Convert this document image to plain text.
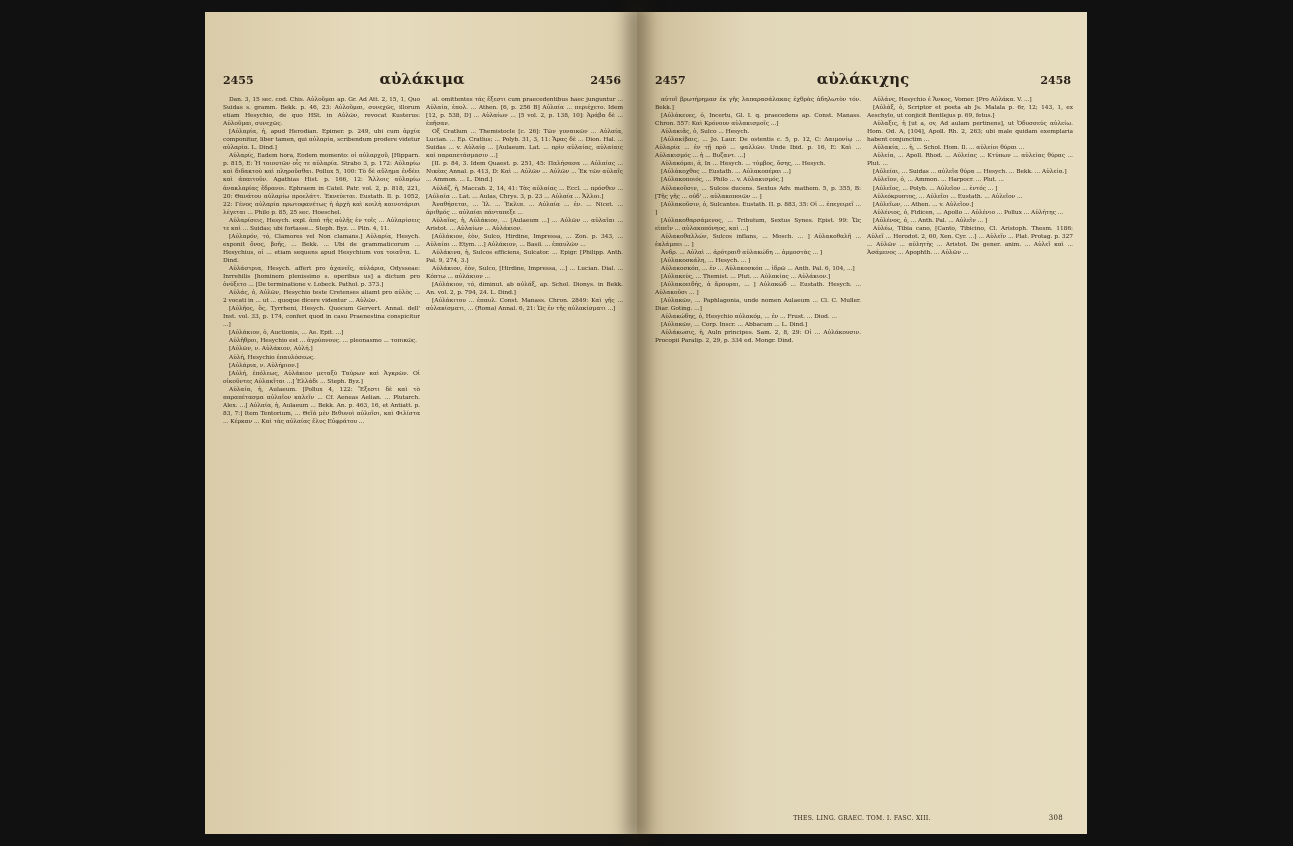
2455	αὐλάκιμα	2456

Dan. 3, 15 sec. cod. Chis. Αὐλοῦμαι ap. Gr. Ad Att. 2, 15, 1, Quo Suidas s. gramm. Bekk. p. 46, 23: Αὐλοῦμαι, συνεχῶς, illorum etiam Hesychio, de quo HSt. in Αὐλῶν, revocat Kusterus: Αὐλοῦμαι, συνεχῶς.

[Αὐλαρία, ἡ, apud Herodian. Epimer. p. 249, ubi cum ἀρχία componitur, liber tamen, qui αὐλαρία, scribendum prodere videtur αὐλαρία. L. Dind.]

Αὐλαρίς, Eadem hora, Eodem momento: οἱ αὐλαρχοῦ, [Hipparn. p. 815, E: Ἡ τοιουτῶν οἷς τε αὐλαρία. Strabo 3, p. 172: Αὐλαρίω καὶ διδακτοὺ καὶ πληροῦσθαι. Pollux 5, 100: Τὸ δὲ αὔλημα ἐνδέει καὶ ἀπαιτοῦν. Agathias Hist. p. 166, 12: Ἄλλοις αὐλαρίω ἀνακλαρίας ἔδρανοι. Ephraem in Catel. Patr. vol. 2, p. 818, 221, 20: Θανάτου αὐλαρίω προελάττ. Έκνεύεται. Eustath. Il. p. 1052, 22: Γένος αὐλαρία πρωτοφανέτως ἡ ἀρχὴ καὶ κοιλὴ καινοτάρισι λέγεται ... Philo p. 85, 25 sec. Hoeschel.

Αὐλαρίσεις, Hesych. expl. ἀπὸ τῆς αὐλῆς ἐν τοῖς ... Αὐλαρίσεις τε καὶ ... Suidas; ubi fortasse... Steph. Byz. ... Plin. 4, 11.

[Αὐλαρόν, τό, Clamores vel Non clamans.] Αὐλαρία, Hesych. exponit ὄνος, βοῆς, ... Bekk. ... Ubi de grammaticorum ... Hesychius, οἱ ... etiam sequens apud Hesychium vox τοιαῦτα. L. Dind.

Αὐλάστρια, Hesych. affert pro ἀχανεῖς, αὐλάρια, Odysseae: Inrrehilis [hominem plenissimo s. operibus us] a dictum pro ὀνύξετο ... [De terminatione v. Lobeck. Pathol. p. 373.]

Αὐλάς, ὁ, Αὐλῶν, Hesychio teste Cretenses aliamt pro αὐλὸς ... 2 vocati in ... ut ... quoque dicere videntur ... Αὐλῶν.

[Αὐλῆος, ὅς, Tyrrheni, Hesych. Quocum Gervert. Annal. dell' Inst. vol. 33, p. 174, conferi quod in casu Praenestina conspicitur ...]

[Αὐλάκιον, ὁ, Auctionis, ... Ae. Epit. ...]

Αὐλῆθροι, Hesychio est ... ἀγρύπνους. ... pleonasmo ... τοπικῶς.

[Αὐλῶν, ν. Αὐλάκιον, Αὐλή.]

Αὐλή, Hesychio ἐπαυλόσεως.

[Αὐλάρια, ν. Αὐλήριον.]

[Αὐλή, ἐπόλεως, Αὐλάκιον μεταξὺ Ταύρων καὶ Ἀγκρῶν. Oἱ οἰκοῦντες Αὐλακῖται ...] Ἑλλάδι ... Steph. Byz.]

Αὐλαία, ἡ, Aulaeum. [Pollux 4, 122: Ἔξεστι δὲ καὶ τὸ παραπέτασμα αὐλαῖον καλεῖν ... Cf. Aeneas Aelian. ... Plutarch. Alex. ...] Αὐλαία, ἡ, Aulaeum ... Bekk. An. p. 463, 16, et Antiatt. p. 83, 7:] Item Tentorium, ... Θεῖά μὲν Βιθυνοὶ αὐλοῖσι, καὶ Φιλίστα ... Κέρκαν ... Καὶ τὰς αὐλαίας ἔλυς Εὐφράτου ...

al. omittentes τάς ἔξεστι cum praecedentibus haec junguntur ... Αὐλαία, ἐπολ. ... Athen. [6, p. 256 B] Αὐλαία ... περιέχετο. Idem [12, p. 538, D] ... Αὐλαίων ... [5 vol. 2, p. 138, 10]: Ἀράβα δὲ ... ἐπῆσαν.

Οξ Cratlum ... Themistocle [c. 26]: Τῶν γυναικῶν ... Αὐλαία, Lucian. ... Ερ. Cratlus; ... Polyb. 31, 3, 11: Ἄρας δὲ ... Dion. Hal. ... Suidas ... v. Αὐλαίᾳ ... [Aulaeum. Lat. ... πρὶν αὐλαίας, αὐλαίαις καὶ παραπετάσμασιν ...]

[II. p. 84, 3. Idem Quaest. p. 251, 45: Παλήσασα ... Αὐλαίας ... Νικέας Annal. p. 413, D: Καὶ ... Αὐλῶν ... Αὐλῶν ... Ἐκ τῶν αὐλαῖς ... Ammon. ... L. Dind.]

Αὐλάζ, ἡ, Maccab. 2, 14, 41: Τὰς αὐλαίας ... Eccl. ... πρόσθεν ... [Αὐλαία ... Lat. ... Aulas, Chrys. 3, p. 23 ... Αὐλαία ... Ἄλλοι.]

Ἀναθήσεται, ... Ἰλ. ... Ἐκλιπ. ... Αὐλαία ... ἐν. ... Nicet. ... ἀριθμός ... αὐλαίαι πάνταπεξε ...

Αὐλαῖος, ἡ, Αὐλάκιον, ... [Aulaeum ...] ... Αὐλῶν ... αὐλαῖαι ... Aristot. ... Αὐλαίων ... Αὐλάκιον.

[Αὐλάκιον, ἐὸν, Sulco, Hirdine, Impressa, ... Zon. p. 343, ... Αὐλαίαι ... Etym. ...] Αὐλάκιον, ... Basil. ... ἐπαυλῶν ...

Αὐλάκινα, ἡ, Sulcos efficiens, Sulcator. ... Epigr. [Philipp. Anth. Pal. 9, 274, 3.]

Αὐλάκιον, ἐὸν, Sulco, [Hirdine, Impressa, ...] ... Lucian. Dial. ... Κόπτω ... αὐλάκιον ...

[Αὐλάκιον, τό, diminut. ab αὐλάξ, ap. Schol. Dionys. in Bekk. An. vol. 2, p. 794, 24. L. Dind.]

[Αὐλάκιτου ... ἐπαυλ. Const. Manass. Chron. 2849: Καὶ γῆς ... αὐλακίσματι, ... (Roma) Annal. 6, 21: Ὡς ἐν τῆς αὐλακίσματι ...]

2457	αὐλάκιχης	2458

αὐτοῖ βρωτήρημασ ἐκ γῆς λαπαρασάλακας ἐχθρὰς ἀδηλωτὸν τόν. Bekk.]

[Αὐλάκευες, ὁ, Incertu, Gl. I. q. praecedens ap. Const. Manass. Chron. 557: Καὶ Κρόνουν αὐλακισμοῖς ...]

Αὐλακιᾶς, ὁ, Sulco ... Hesych.

[Αὐλακίβαις, ... Jo. Laur. De ostentis c. 5, p. 12, C: Δαιμονίῳ ... Αὐλαρία ... ἐν τῇ πρὸ ... ψαλλῶν. Unde Ibid. p. 16, Ε: Καὶ ... Αὐλακισμός ... ἡ ... Βυζαντ. ...]

Αὐλακόμαι, ἀ, In ... Hesych. ... τύμβος, ὄσης, ... Hesych.

[Αὐλάκοχθος ... Eustath. ... Αὐλακοπέραι ...]

[Αὐλακοποιός, ... Philo ... v. Αὐλακισμός.]

Αὐλακοῦσιν, ... Sulcos ducens. Sextus Adv. mathem. 5, p. 355, Β: [Τῆς γῆς ... οὐδ' ... αὐλακοποιῶν ... ]

[Αὐλακοῦσιν, ὁ, Sulcantes. Eustath. II. p. 883, 35: Οἱ ... ἐπεγειρεῖ ... ]

[Αὐλακοθαρσάμενος, ... Tributum, Sextus Synes. Epist. 99: Ὥς εἰπεῖν ... αὐλακοπόνηος, καὶ ...]

Αὐλακοθαλλών, Sulcos inflans, ... Mosch. ... ] Αὐλακοθαλῆ ... ἐκλάμπει ... ]

Ἀνδρ. ... Αὐλαὶ ... ἀρότραιθ αὐλακώδη ... ἁρμοστὰς ... ]

[Αὐλακοσκάλη, ... Hesych. ... ]

Αὐλακοσκόπ, ... ἐν ... Αὐλακοσκόπ ... ἱδρῶ ... Anth. Pal. 6, 104, ...]

[Αὐλακεύς, ... Themist. ... Plut. ... Αὐλακίας ... Αὐλάκιον.]

[Αὐλακοειδής, ἀ ἄρουραι, ... ] Αὐλακώδ ... Eustath. Hesych. ... Αὐλακοῦσι ... ]

[Αὐλακῶν, ... Paphlagonia, unde nomen Aulaeum ... Cl. C. Muller. Diar. Goting. ...]

Αὐλακώδης, ὁ, Hesychio αὐλακόμ, ... ἐν ... Frust. ... Diod. ...

[Αὐλακῶν, ... Corp. Inscr. ... Abbacum ... L. Dind.]

Αὐλάκωσις, ἡ, Auln principes. Sam. 2, 8, 29: Οἱ ... Αὐλάκουσιν. Procopii Paralip. 2, 29, p. 334 ed. Mongr. Dind.

Αὐλάνς, Hesychio ἐ Ἄνκος, Vomer. [Pro Αὐλάκα. V. ...]

[Αὐλάξ, ὁ, Scriptor et poeta ab Js. Malala p. 6r, 12; 143, 1, ex Aeschylo, ut conjicit Bentlejus p. 69, fetus.]

Αὐλαξις, ἡ [ut a, ov, Ad aulam pertinens], ut Ὀδυσσεύς αὐλείω. Hom. Od. A, [104], Apoll. Rh. 2, 263; ubi male quidam exemplaria habent conjunctim ...

Αὐλακία, ... ἡ, ... Schol. Hom. Il. ... αὐλείοι θύραι ...

Αὐλεία, ... Apoll. Rhod. ... Αὐλείας ... Κτύπων ... αὐλείας θύρας ... Plut. ...

[Αὐλείαι, ... Suidas ... αὐλεῖα θύρα ... Hesych. ... Bekk. ... Αὐλεία.]

Αὐλεῖον, ὁ, ... Ammon. ... Harpocr. ... Plut. ...

[Αὐλεῖος, ... Polyb. ... Αὐλεῖον ... ἐντός ... ]

Αὐλεόκρυπτος, ... Αὐλεῖοι ... Eustath. ... Αὐλεῖον ...

[Αὐλεῖων, ... Athen. ... v. Αὐλεῖον.]

Αὐλένιος, ὁ, Fidicen, ... Apollo ... Αὐλένιο ... Pollux ... Αὐλήτης ...

[Αὐλένος, ὁ, ... Anth. Pal. ... Αὐλεῖν ... ]

Αὐλέω, Tibia cano, [Canto, Tibicino, Cl. Aristoph. Thesm. 1186: Αὐλεῖ ... Herodot. 2, 60, Xen. Cyr. ...] ... Αὐλεῖν ... Plat. Protag. p. 327 ... Αὐλῶν ... αὐλητὴς ... Aristot. De gener. anim. ... Αὐλεῖ καὶ ... Ἀσάμενος ... Apophth. ... Αὐλῶν ...

THES. LING. GRAEC. TOM. I. FASC. XIII.	308
